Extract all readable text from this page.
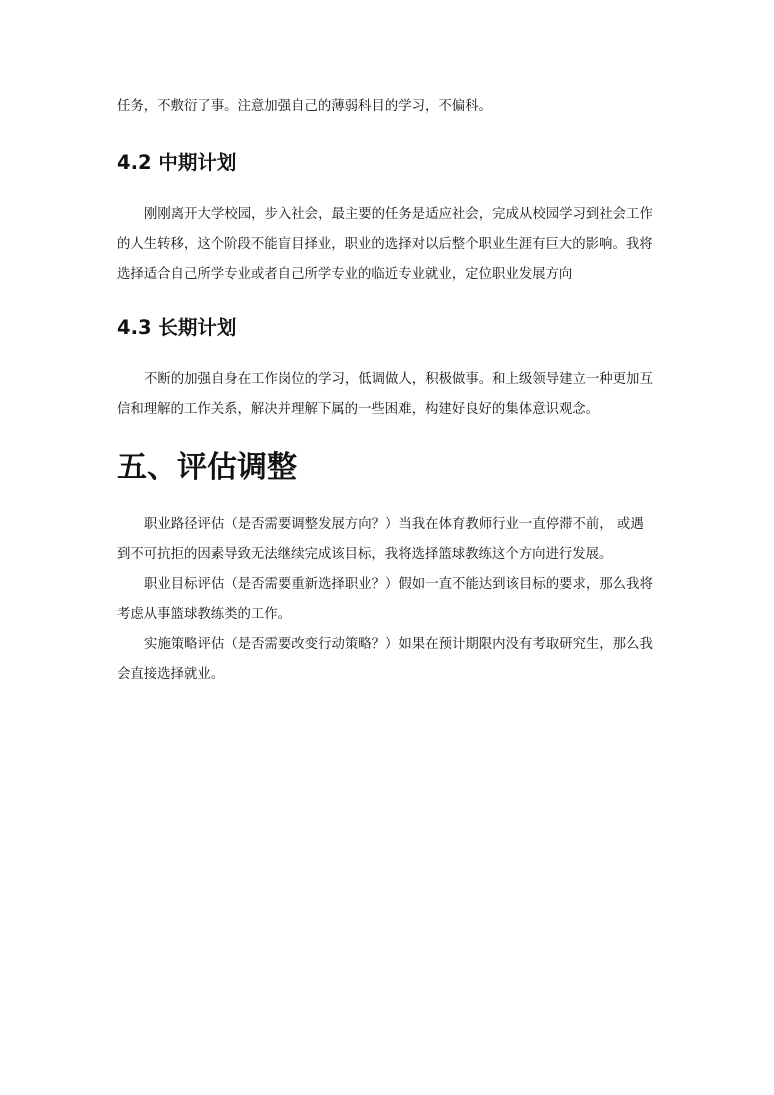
任务，不敷衍了事。注意加强自己的薄弱科目的学习，不偏科。

4.2 中期计划

刚刚离开大学校园，步入社会，最主要的任务是适应社会，完成从校园学习到社会工作
的人生转移，这个阶段不能盲目择业，职业的选择对以后整个职业生涯有巨大的影响。我将
选择适合自己所学专业或者自己所学专业的临近专业就业，定位职业发展方向

4.3 长期计划

不断的加强自身在工作岗位的学习，低调做人，积极做事。和上级领导建立一种更加互
信和理解的工作关系，解决并理解下属的一些困难，构建好良好的集体意识观念。

五、评估调整

职业路径评估（是否需要调整发展方向？）当我在体育教师行业一直停滞不前， 或遇
到不可抗拒的因素导致无法继续完成该目标，我将选择篮球教练这个方向进行发展。

职业目标评估（是否需要重新选择职业？）假如一直不能达到该目标的要求，那么我将
考虑从事篮球教练类的工作。

实施策略评估（是否需要改变行动策略？）如果在预计期限内没有考取研究生，那么我
会直接选择就业。
